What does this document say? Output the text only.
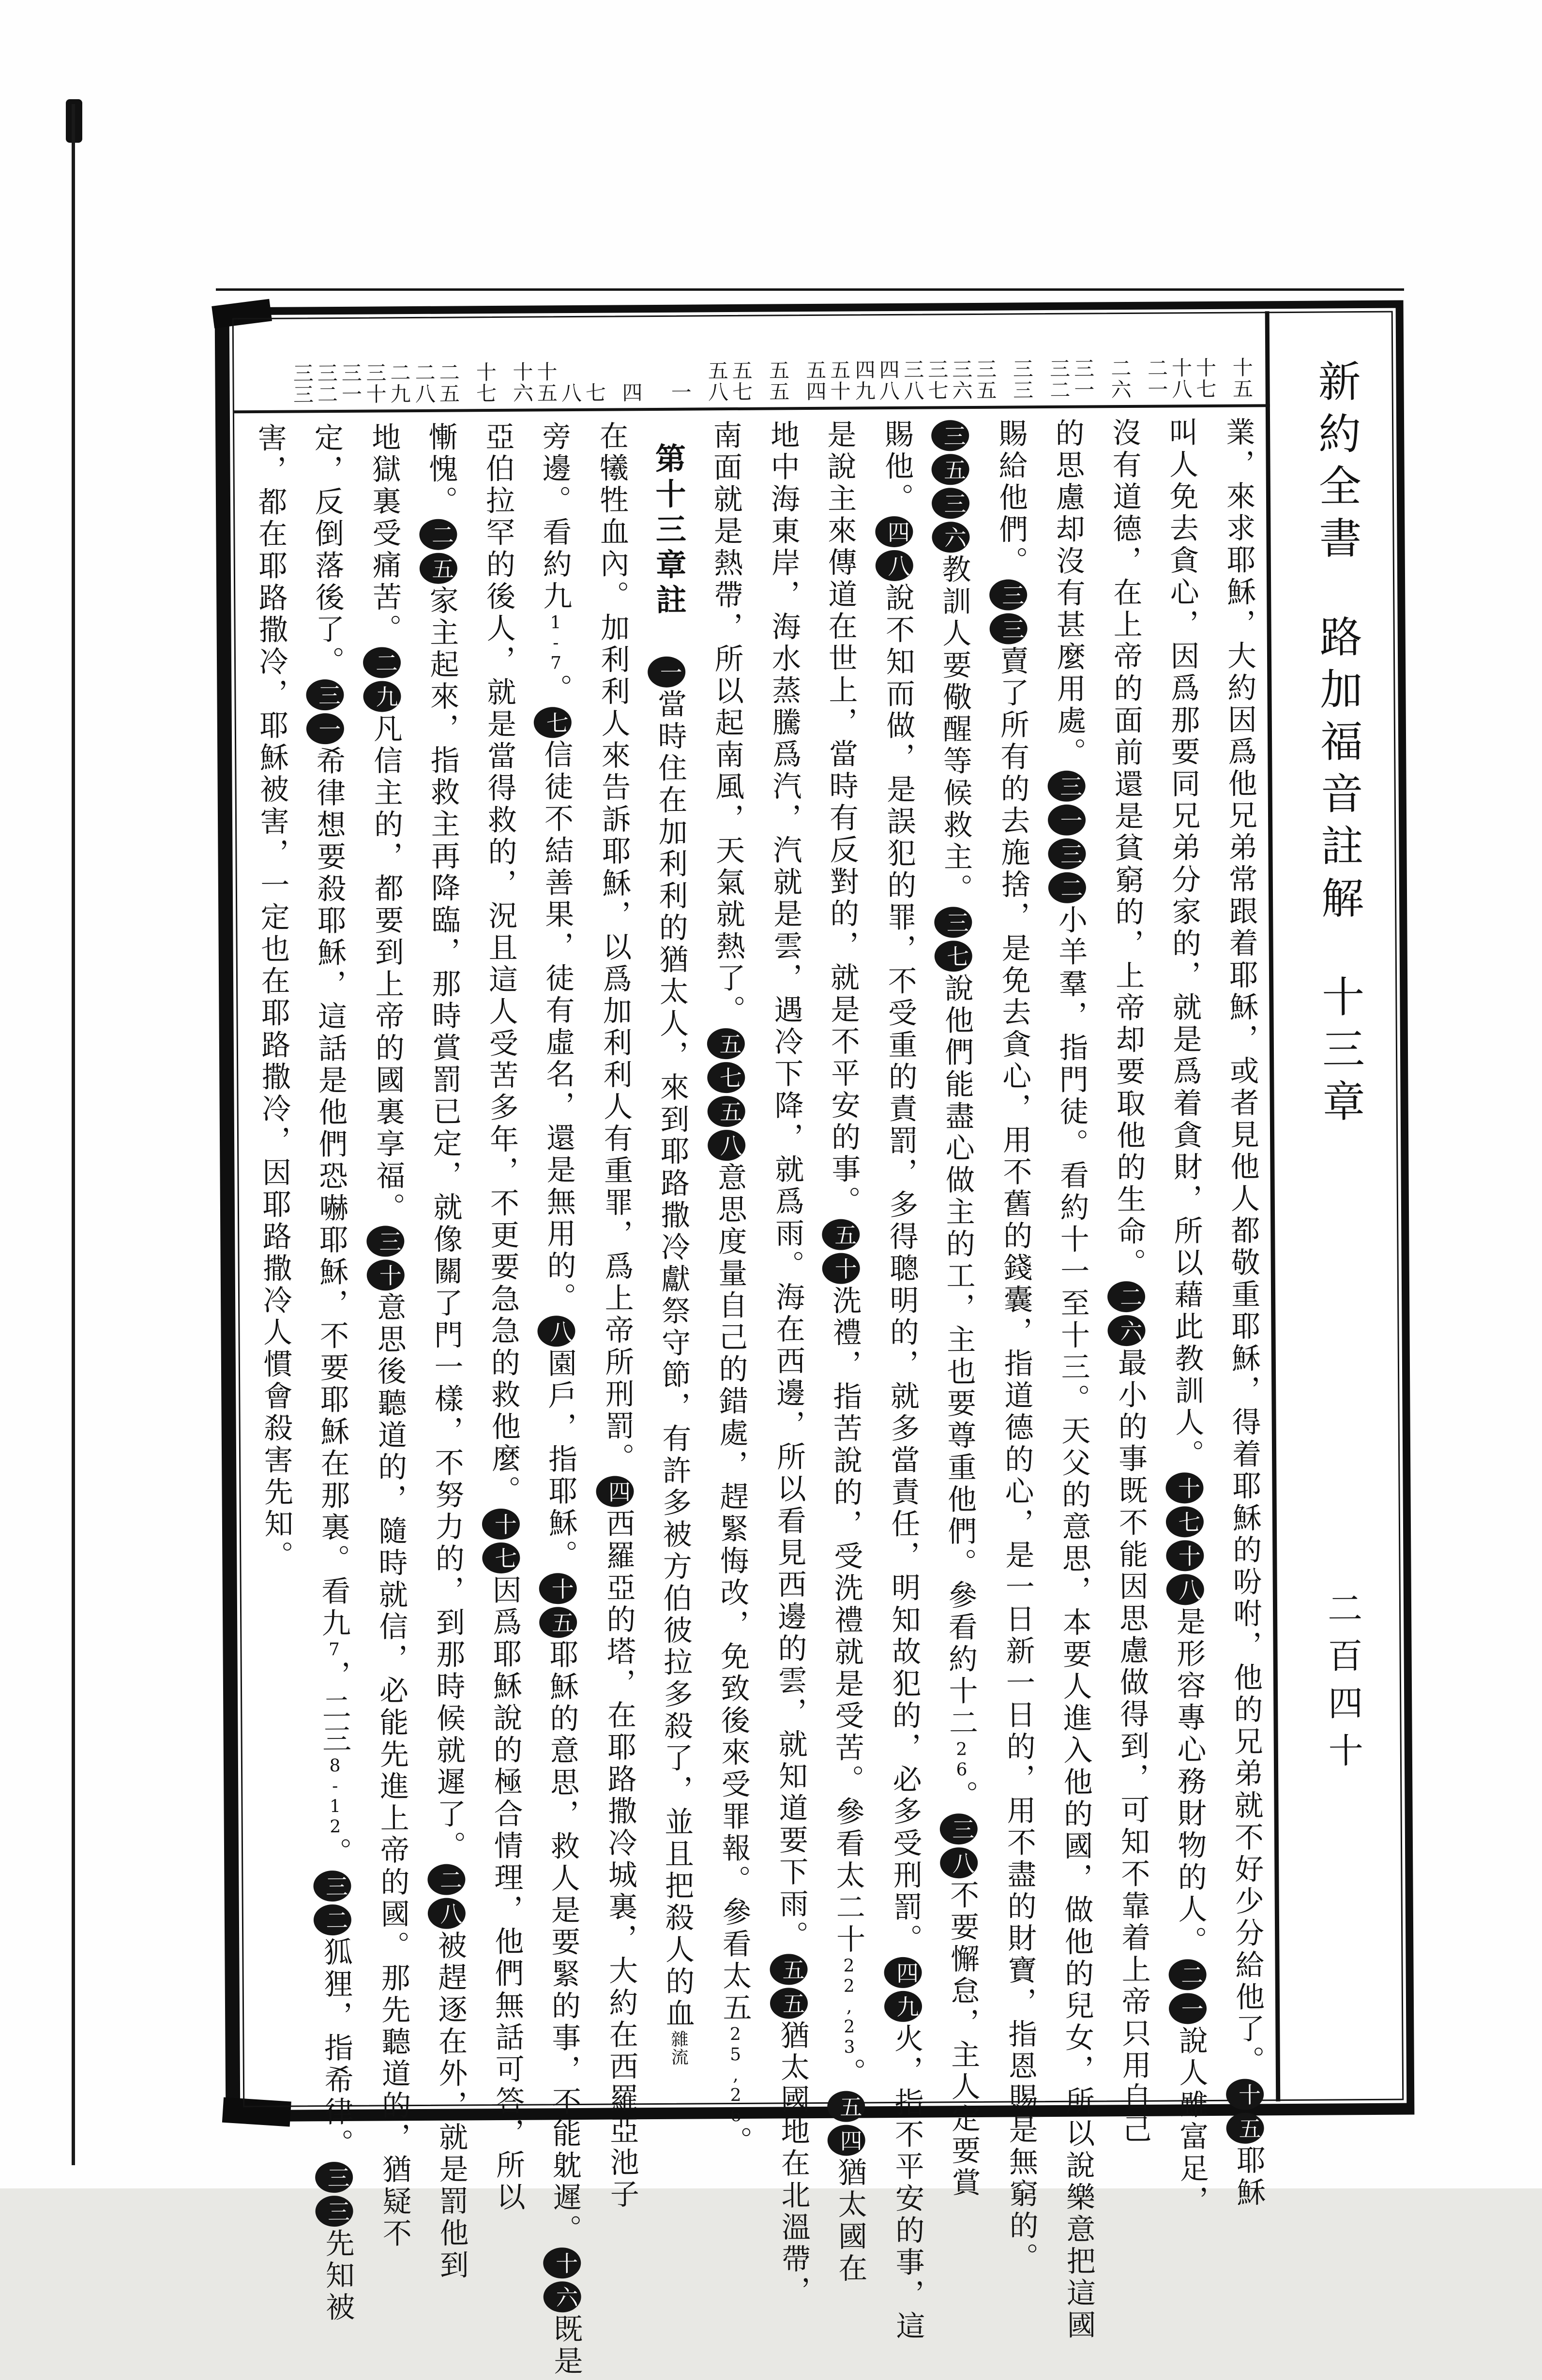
新約全書路加福音註解十三章
二百四十
十五
十七
十八
二一
二六
三一
三二
三三
三五
三六
三七
三八
四八
四九
五十
五四
五五
五七
五八
一
四
七
八
十五
十六
十七
二五
二八
二九
三十
三一
三二
三三
業，來求耶穌，大約因爲他兄弟常跟着耶穌，或者見他人都敬重耶穌，得着耶穌的吩咐，他的兄弟就不好少分給他了。十五耶穌
叫人免去貪心，因爲那要同兄弟分家的，就是爲着貪財，所以藉此教訓人。十七十八是形容專心務財物的人。二一說人雖富足，
沒有道德，在上帝的面前還是貧窮的，上帝却要取他的生命。二六最小的事既不能因思慮做得到，可知不靠着上帝只用自己
的思慮却沒有甚麼用處。三一三二小羊羣，指門徒。看約十一至十三。天父的意思，本要人進入他的國，做他的兒女，所以說樂意把這國
賜給他們。三三賣了所有的去施捨，是免去貪心，用不舊的錢囊，指道德的心，是一日新一日的，用不盡的財寶，指恩賜是無窮的。
三五三六教訓人要儆醒等候救主。三七說他們能盡心做主的工，主也要尊重他們。參看約十二26。三八不要懈怠，主人定要賞
賜他。四八說不知而做，是誤犯的罪，不受重的責罰，多得聰明的，就多當責任，明知故犯的，必多受刑罰。四九火，指不平安的事，這
是說主來傳道在世上，當時有反對的，就是不平安的事。五十洗禮，指苦說的，受洗禮就是受苦。參看太二十22,23。五四猶太國在
地中海東岸，海水蒸騰爲汽，汽就是雲，遇冷下降，就爲雨。海在西邊，所以看見西邊的雲，就知道要下雨。五五猶太國地在北溫帶，
南面就是熱帶，所以起南風，天氣就熱了。五七五八意思度量自己的錯處，趕緊悔改，免致後來受罪報。參看太五25,26。
第十三章註一當時住在加利利的猶太人，來到耶路撒冷獻祭守節，有許多被方伯彼拉多殺了，並且把殺人的血雜流
在犧牲血內。加利利人來告訴耶穌，以爲加利利人有重罪，爲上帝所刑罰。四西羅亞的塔，在耶路撒冷城裏，大約在西羅亞池子
旁邊。看約九1-7。七信徒不結善果，徒有虛名，還是無用的。八園戶，指耶穌。十五耶穌的意思，救人是要緊的事，不能躭遲。十六既是
亞伯拉罕的後人，就是當得救的，況且這人受苦多年，不更要急急的救他麼。十七因爲耶穌說的極合情理，他們無話可答，所以
慚愧。二五家主起來，指救主再降臨，那時賞罰已定，就像關了門一樣，不努力的，到那時候就遲了。二八被趕逐在外，就是罰他到
地獄裏受痛苦。二九凡信主的，都要到上帝的國裏享福。三十意思後聽道的，隨時就信，必能先進上帝的國。那先聽道的，猶疑不
定，反倒落後了。三一希律想要殺耶穌，這話是他們恐嚇耶穌，不要耶穌在那裏。看九7，二三8-12。三二狐狸，指希律。三三先知被
害，都在耶路撒冷，耶穌被害，一定也在耶路撒冷，因耶路撒冷人慣會殺害先知。
